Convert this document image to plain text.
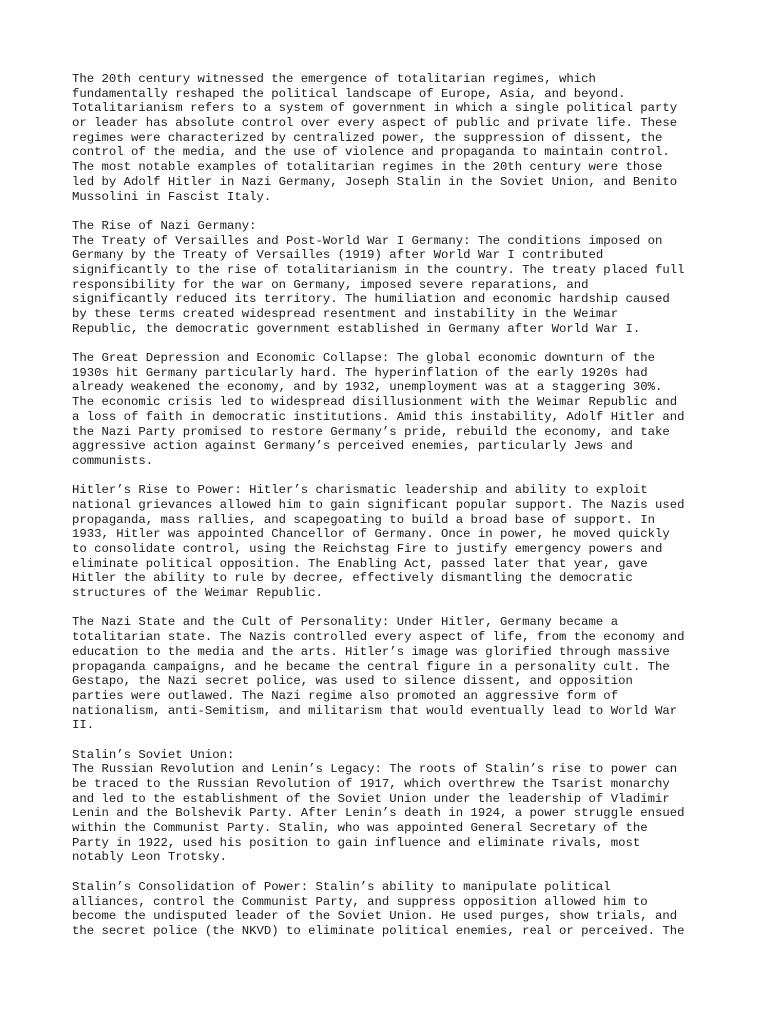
The 20th century witnessed the emergence of totalitarian regimes, which
fundamentally reshaped the political landscape of Europe, Asia, and beyond.
Totalitarianism refers to a system of government in which a single political party
or leader has absolute control over every aspect of public and private life. These
regimes were characterized by centralized power, the suppression of dissent, the
control of the media, and the use of violence and propaganda to maintain control.
The most notable examples of totalitarian regimes in the 20th century were those
led by Adolf Hitler in Nazi Germany, Joseph Stalin in the Soviet Union, and Benito
Mussolini in Fascist Italy.
The Rise of Nazi Germany:
The Treaty of Versailles and Post-World War I Germany: The conditions imposed on
Germany by the Treaty of Versailles (1919) after World War I contributed
significantly to the rise of totalitarianism in the country. The treaty placed full
responsibility for the war on Germany, imposed severe reparations, and
significantly reduced its territory. The humiliation and economic hardship caused
by these terms created widespread resentment and instability in the Weimar
Republic, the democratic government established in Germany after World War I.
The Great Depression and Economic Collapse: The global economic downturn of the
1930s hit Germany particularly hard. The hyperinflation of the early 1920s had
already weakened the economy, and by 1932, unemployment was at a staggering 30%.
The economic crisis led to widespread disillusionment with the Weimar Republic and
a loss of faith in democratic institutions. Amid this instability, Adolf Hitler and
the Nazi Party promised to restore Germany’s pride, rebuild the economy, and take
aggressive action against Germany’s perceived enemies, particularly Jews and
communists.
Hitler’s Rise to Power: Hitler’s charismatic leadership and ability to exploit
national grievances allowed him to gain significant popular support. The Nazis used
propaganda, mass rallies, and scapegoating to build a broad base of support. In
1933, Hitler was appointed Chancellor of Germany. Once in power, he moved quickly
to consolidate control, using the Reichstag Fire to justify emergency powers and
eliminate political opposition. The Enabling Act, passed later that year, gave
Hitler the ability to rule by decree, effectively dismantling the democratic
structures of the Weimar Republic.
The Nazi State and the Cult of Personality: Under Hitler, Germany became a
totalitarian state. The Nazis controlled every aspect of life, from the economy and
education to the media and the arts. Hitler’s image was glorified through massive
propaganda campaigns, and he became the central figure in a personality cult. The
Gestapo, the Nazi secret police, was used to silence dissent, and opposition
parties were outlawed. The Nazi regime also promoted an aggressive form of
nationalism, anti-Semitism, and militarism that would eventually lead to World War
II.
Stalin’s Soviet Union:
The Russian Revolution and Lenin’s Legacy: The roots of Stalin’s rise to power can
be traced to the Russian Revolution of 1917, which overthrew the Tsarist monarchy
and led to the establishment of the Soviet Union under the leadership of Vladimir
Lenin and the Bolshevik Party. After Lenin’s death in 1924, a power struggle ensued
within the Communist Party. Stalin, who was appointed General Secretary of the
Party in 1922, used his position to gain influence and eliminate rivals, most
notably Leon Trotsky.
Stalin’s Consolidation of Power: Stalin’s ability to manipulate political
alliances, control the Communist Party, and suppress opposition allowed him to
become the undisputed leader of the Soviet Union. He used purges, show trials, and
the secret police (the NKVD) to eliminate political enemies, real or perceived. The
